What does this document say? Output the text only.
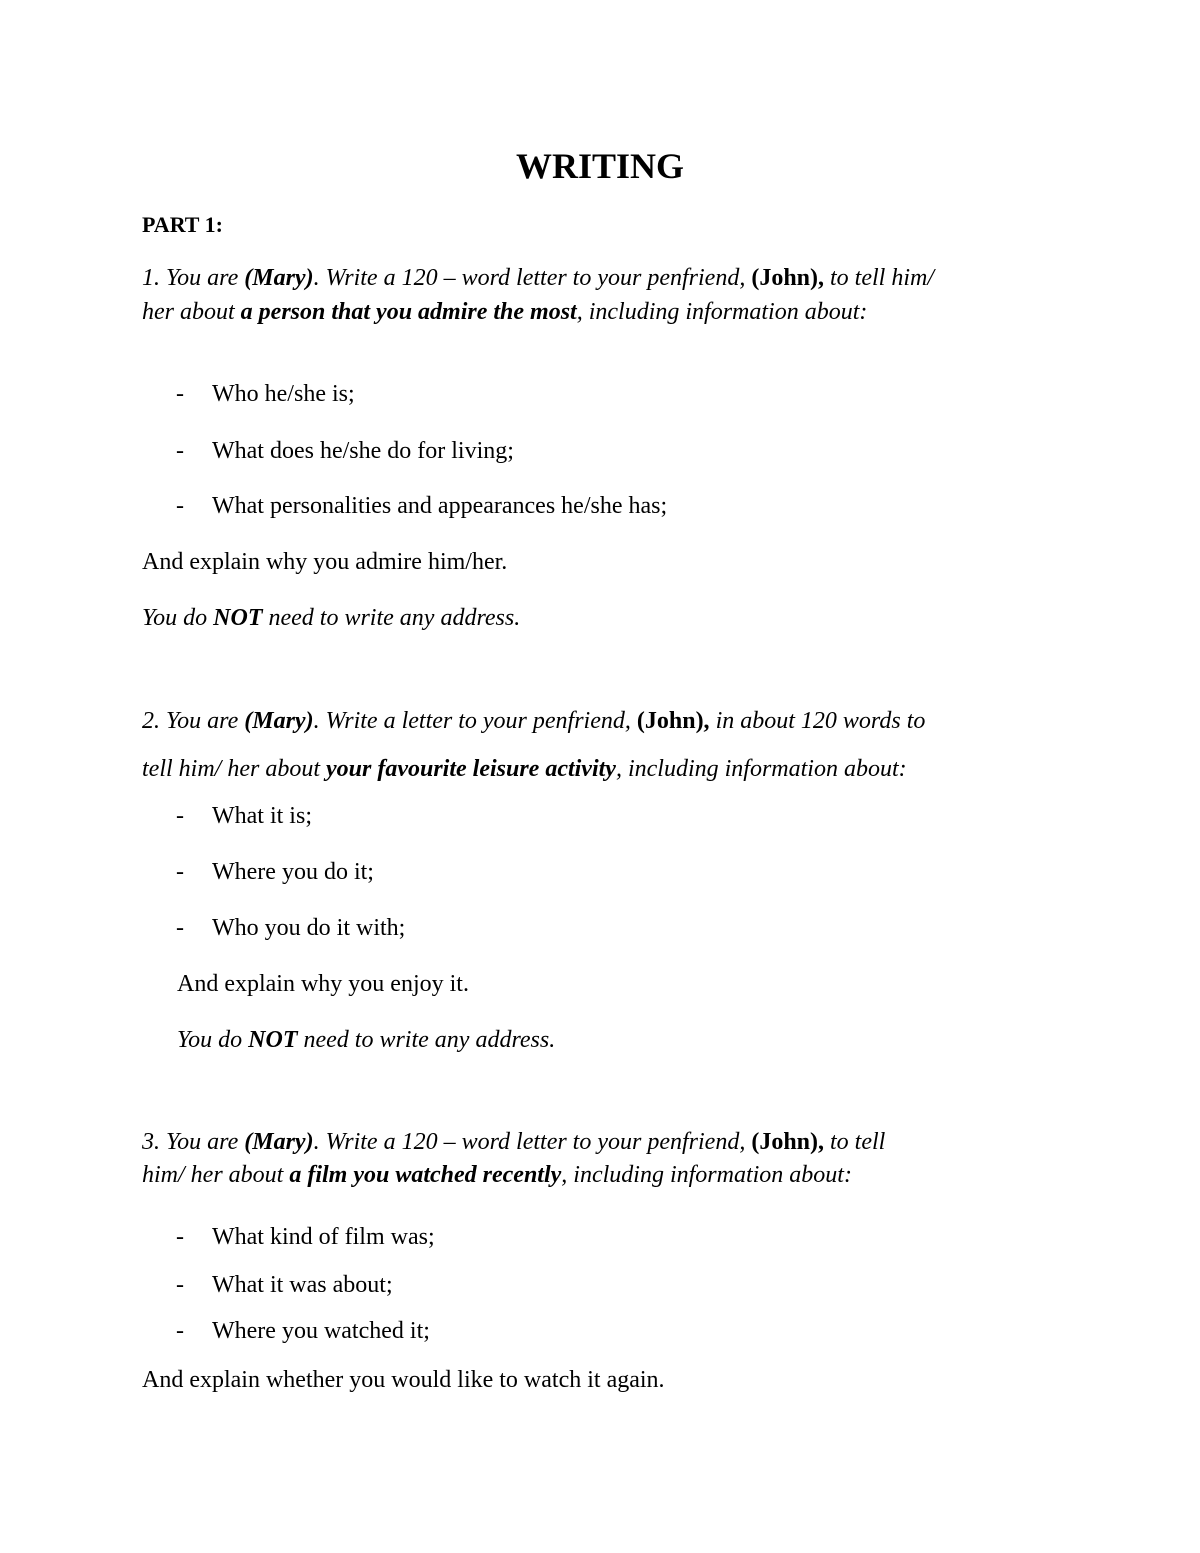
WRITING
PART 1:
1. You are (Mary). Write a 120 – word letter to your penfriend, (John), to tell him/
her about a person that you admire the most, including information about:
- Who he/she is;
- What does he/she do for living;
- What personalities and appearances he/she has;
And explain why you admire him/her.
You do NOT need to write any address.
2. You are (Mary). Write a letter to your penfriend, (John), in about 120 words to
tell him/ her about your favourite leisure activity, including information about:
- What it is;
- Where you do it;
- Who you do it with;
And explain why you enjoy it.
You do NOT need to write any address.
3. You are (Mary). Write a 120 – word letter to your penfriend, (John), to tell
him/ her about a film you watched recently, including information about:
- What kind of film was;
- What it was about;
- Where you watched it;
And explain whether you would like to watch it again.
